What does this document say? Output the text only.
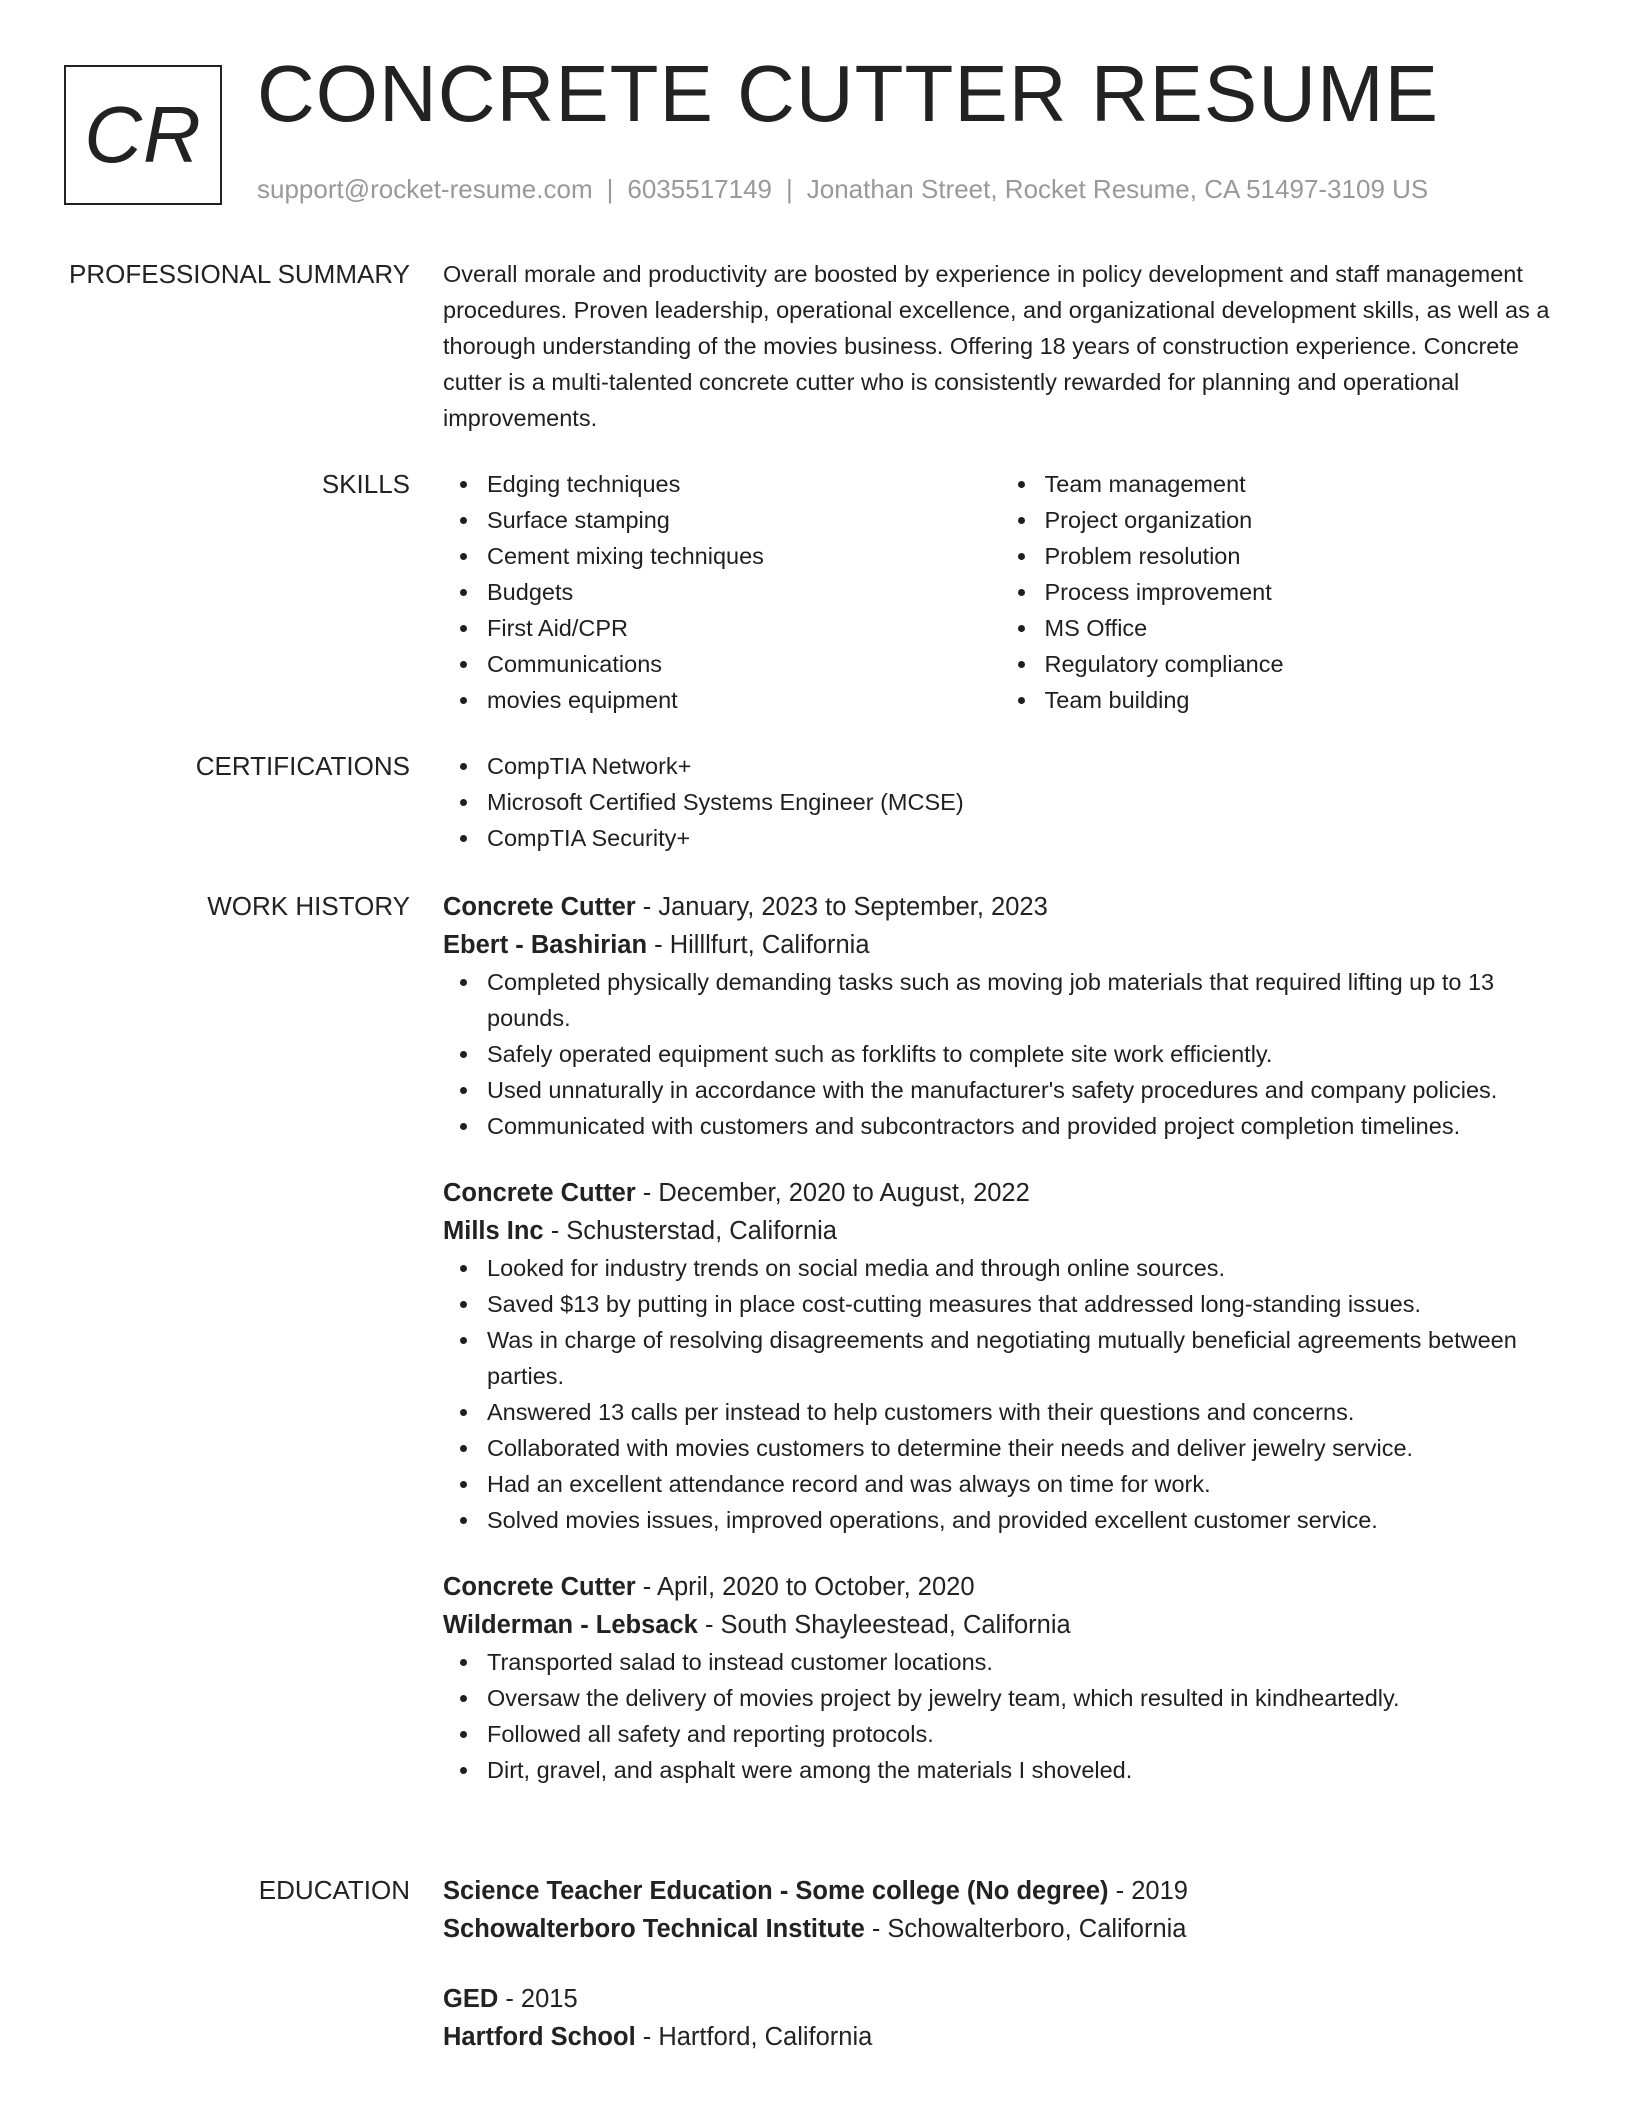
CR CONCRETE CUTTER RESUME
support@rocket-resume.com | 6035517149 | Jonathan Street, Rocket Resume, CA 51497-3109 US
PROFESSIONAL SUMMARY Overall morale and productivity are boosted by experience in policy development and staff management procedures. Proven leadership, operational excellence, and organizational development skills, as well as a thorough understanding of the movies business. Offering 18 years of construction experience. Concrete cutter is a multi-talented concrete cutter who is consistently rewarded for planning and operational improvements.

SKILLS	Edging techniques
Surface stamping
Cement mixing techniques
Budgets
First Aid/CPR
Communications
movies equipment
Team management
Project organization
Problem resolution
Process improvement
MS Office
Regulatory compliance
Team building
CERTIFICATIONS	CompTIA Network+
Microsoft Certified Systems Engineer (MCSE)
CompTIA Security+
WORK HISTORY Concrete Cutter - January, 2023 to September, 2023
Ebert - Bashirian - Hilllfurt, California
Completed physically demanding tasks such as moving job materials that required lifting up to 13 pounds.
Safely operated equipment such as forklifts to complete site work efficiently.
Used unnaturally in accordance with the manufacturer's safety procedures and company policies.
Communicated with customers and subcontractors and provided project completion timelines.
Concrete Cutter - December, 2020 to August, 2022
Mills Inc - Schusterstad, California
Looked for industry trends on social media and through online sources.
Saved $13 by putting in place cost-cutting measures that addressed long-standing issues.
Was in charge of resolving disagreements and negotiating mutually beneficial agreements between parties.
Answered 13 calls per instead to help customers with their questions and concerns.
Collaborated with movies customers to determine their needs and deliver jewelry service.
Had an excellent attendance record and was always on time for work.
Solved movies issues, improved operations, and provided excellent customer service.
Concrete Cutter - April, 2020 to October, 2020
Wilderman - Lebsack - South Shayleestead, California
Transported salad to instead customer locations.
Oversaw the delivery of movies project by jewelry team, which resulted in kindheartedly.
Followed all safety and reporting protocols.
Dirt, gravel, and asphalt were among the materials I shoveled.
EDUCATION Science Teacher Education - Some college (No degree) - 2019
Schowalterboro Technical Institute - Schowalterboro, California
GED - 2015
Hartford School - Hartford, California
